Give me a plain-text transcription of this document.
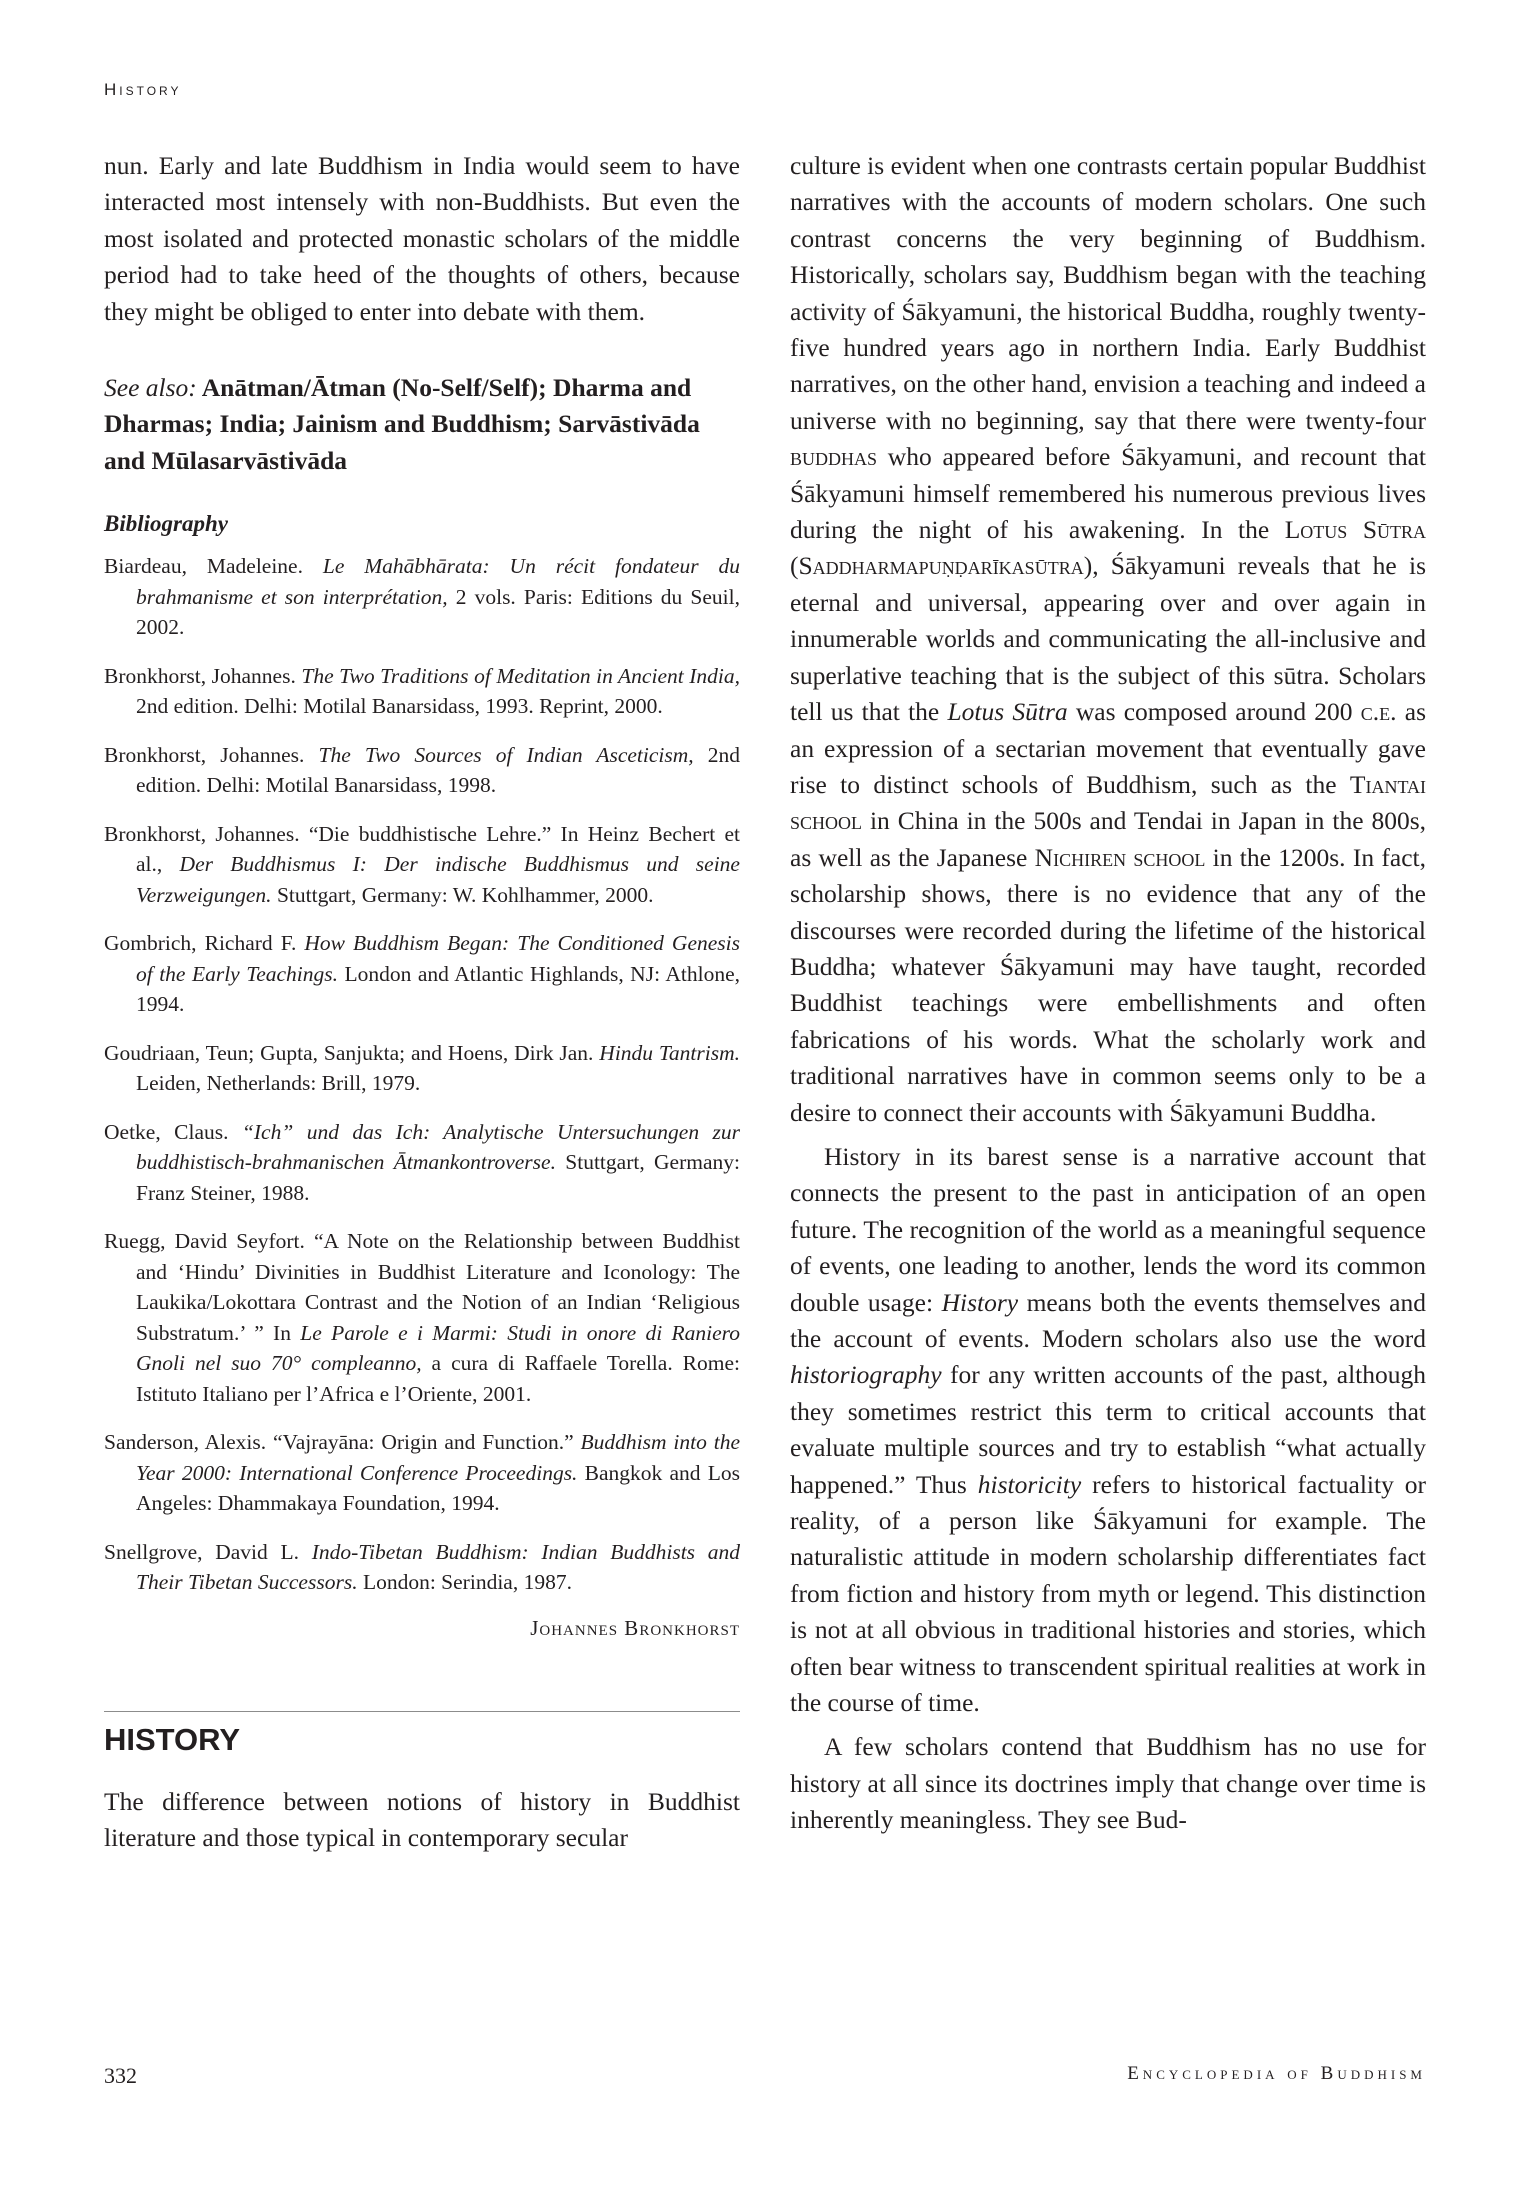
History

nun. Early and late Buddhism in India would seem to have interacted most intensely with non-Buddhists. But even the most isolated and protected monastic scholars of the middle period had to take heed of the thoughts of others, because they might be obliged to enter into debate with them.

See also: Anātman/Ātman (No-Self/Self); Dharma and Dharmas; India; Jainism and Buddhism; Sarvāstivāda and Mūlasarvāstivāda

Bibliography

Biardeau, Madeleine. Le Mahābhārata: Un récit fondateur du brahmanisme et son interprétation, 2 vols. Paris: Editions du Seuil, 2002.

Bronkhorst, Johannes. The Two Traditions of Meditation in Ancient India, 2nd edition. Delhi: Motilal Banarsidass, 1993. Reprint, 2000.

Bronkhorst, Johannes. The Two Sources of Indian Asceticism, 2nd edition. Delhi: Motilal Banarsidass, 1998.

Bronkhorst, Johannes. “Die buddhistische Lehre.” In Heinz Bechert et al., Der Buddhismus I: Der indische Buddhismus und seine Verzweigungen. Stuttgart, Germany: W. Kohlhammer, 2000.

Gombrich, Richard F. How Buddhism Began: The Conditioned Genesis of the Early Teachings. London and Atlantic Highlands, NJ: Athlone, 1994.

Goudriaan, Teun; Gupta, Sanjukta; and Hoens, Dirk Jan. Hindu Tantrism. Leiden, Netherlands: Brill, 1979.

Oetke, Claus. “Ich” und das Ich: Analytische Untersuchungen zur buddhistisch-brahmanischen Ātmankontroverse. Stuttgart, Germany: Franz Steiner, 1988.

Ruegg, David Seyfort. “A Note on the Relationship between Buddhist and ‘Hindu’ Divinities in Buddhist Literature and Iconology: The Laukika/Lokottara Contrast and the Notion of an Indian ‘Religious Substratum.’ ” In Le Parole e i Marmi: Studi in onore di Raniero Gnoli nel suo 70° compleanno, a cura di Raffaele Torella. Rome: Istituto Italiano per l’Africa e l’Oriente, 2001.

Sanderson, Alexis. “Vajrayāna: Origin and Function.” Buddhism into the Year 2000: International Conference Proceedings. Bangkok and Los Angeles: Dhammakaya Foundation, 1994.

Snellgrove, David L. Indo-Tibetan Buddhism: Indian Buddhists and Their Tibetan Successors. London: Serindia, 1987.

Johannes Bronkhorst

HISTORY

The difference between notions of history in Buddhist literature and those typical in contemporary secular

culture is evident when one contrasts certain popular Buddhist narratives with the accounts of modern scholars. One such contrast concerns the very beginning of Buddhism. Historically, scholars say, Buddhism began with the teaching activity of Śākyamuni, the historical Buddha, roughly twenty-five hundred years ago in northern India. Early Buddhist narratives, on the other hand, envision a teaching and indeed a universe with no beginning, say that there were twenty-four buddhas who appeared before Śākyamuni, and recount that Śākyamuni himself remembered his numerous previous lives during the night of his awakening. In the Lotus Sūtra (Saddharmapuṇḍarīkasūtra), Śākyamuni reveals that he is eternal and universal, appearing over and over again in innumerable worlds and communicating the all-inclusive and superlative teaching that is the subject of this sūtra. Scholars tell us that the Lotus Sūtra was composed around 200 c.e. as an expression of a sectarian movement that eventually gave rise to distinct schools of Buddhism, such as the Tiantai school in China in the 500s and Tendai in Japan in the 800s, as well as the Japanese Nichiren school in the 1200s. In fact, scholarship shows, there is no evidence that any of the discourses were recorded during the lifetime of the historical Buddha; whatever Śākyamuni may have taught, recorded Buddhist teachings were embellishments and often fabrications of his words. What the scholarly work and traditional narratives have in common seems only to be a desire to connect their accounts with Śākyamuni Buddha.

History in its barest sense is a narrative account that connects the present to the past in anticipation of an open future. The recognition of the world as a meaningful sequence of events, one leading to another, lends the word its common double usage: History means both the events themselves and the account of events. Modern scholars also use the word historiography for any written accounts of the past, although they sometimes restrict this term to critical accounts that evaluate multiple sources and try to establish “what actually happened.” Thus historicity refers to historical factuality or reality, of a person like Śākyamuni for example. The naturalistic attitude in modern scholarship differentiates fact from fiction and history from myth or legend. This distinction is not at all obvious in traditional histories and stories, which often bear witness to transcendent spiritual realities at work in the course of time.

A few scholars contend that Buddhism has no use for history at all since its doctrines imply that change over time is inherently meaningless. They see Bud-

332	Encyclopedia of Buddhism
